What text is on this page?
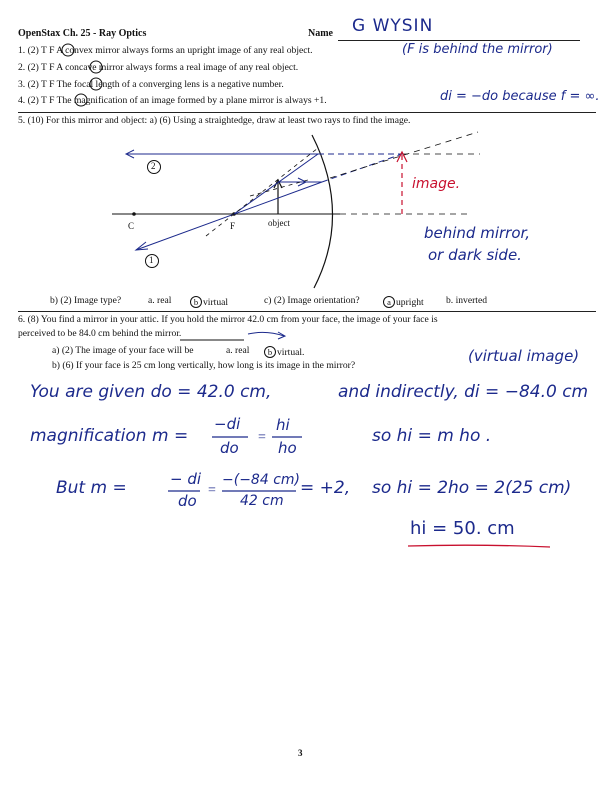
OpenStax Ch. 25 - Ray Optics	Name G WYSIN
1. (2) T F A convex mirror always forms an upright image of any real object.	(F is behind the mirror)
2. (2) T F A concave mirror always forms a real image of any real object.
3. (2) T F The focal length of a converging lens is a negative number.
4. (2) T F The magnification of an image formed by a plane mirror is always +1.	di = −do because f = ∞.
5. (10) For this mirror and object: a) (6) Using a straightedge, draw at least two rays to find the image.
2
1
C	F	object
image.
behind mirror,
or dark side.
b) (2) Image type?	a. real	b virtual	c) (2) Image orientation?	a upright b. inverted
6. (8) You find a mirror in your attic. If you hold the mirror 42.0 cm from your face, the image of your face is
perceived to be 84.0 cm behind the mirror.
a) (2) The image of your face will be	a. real	b virtual.
b) (6) If your face is 25 cm long vertically, how long is its image in the mirror?
(virtual image)
You are given do = 42.0 cm,	and indirectly, di = −84.0 cm
magnification m =
−di
do
hi
ho
=	so hi = m ho .
But m =	− di
do
=
−(−84 cm)
42 cm
= +2, so hi = 2ho = 2(25 cm)
hi = 50. cm
3
